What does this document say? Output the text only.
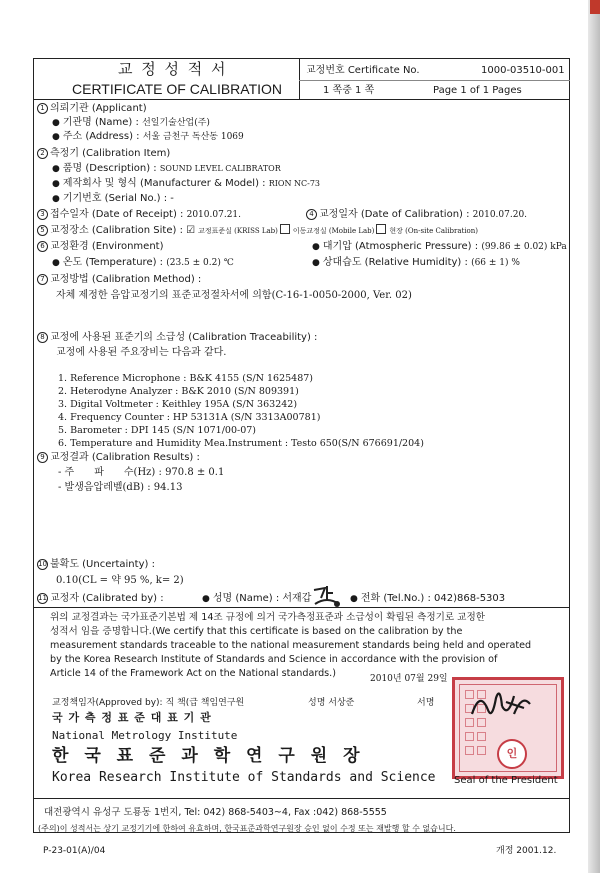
교 정 성 적 서
CERTIFICATE OF CALIBRATION
교정번호 Certificate No.	1000-03510-001
1 쪽중 1 쪽	Page 1 of 1 Pages
1 의뢰기관 (Applicant)
● 기관명 (Name) : 선일기술산업(주)
● 주소 (Address) : 서울 금천구 독산동 1069
2 측정기 (Calibration Item)
● 품명 (Description) : SOUND LEVEL CALIBRATOR
● 제작회사 및 형식 (Manufacturer & Model) : RION NC-73
● 기기번호 (Serial No.) : -
3 접수일자 (Date of Receipt) : 2010.07.21.	4 교정일자 (Date of Calibration) : 2010.07.20.
5 교정장소 (Calibration Site) : ☑ 교정표준실 (KRISS Lab) 이동교정실 (Mobile Lab) 현장 (On-site Calibration)
6 교정환경 (Environment)	● 대기압 (Atmospheric Pressure) : (99.86 ± 0.02) kPa
● 온도 (Temperature) : (23.5 ± 0.2) ℃	● 상대습도 (Relative Humidity) : (66 ± 1) %
7 교정방법 (Calibration Method) :
자체 제정한 음압교정기의 표준교정절차서에 의함(C-16-1-0050-2000, Ver. 02)
8 교정에 사용된 표준기의 소급성 (Calibration Traceability) :
교정에 사용된 주요장비는 다음과 같다.
1. Reference Microphone : B&K 4155 (S/N 1625487)
2. Heterodyne Analyzer : B&K 2010 (S/N 809391)
3. Digital Voltmeter : Keithley 195A (S/N 363242)
4. Frequency Counter : HP 53131A (S/N 3313A00781)
5. Barometer : DPI 145 (S/N 1071/00-07)
6. Temperature and Humidity Mea.Instrument : Testo 650(S/N 676691/204)
9 교정결과 (Calibration Results) :
- 주　　파　　수(Hz) : 970.8 ± 0.1
- 발생음압레벨(dB) : 94.13
10 불확도 (Uncertainty) :
0.10(CL = 약 95 %, k= 2)
11 교정자 (Calibrated by) :	● 성명 (Name) : 서재갑	● 전화 (Tel.No.) : 042)868-5303
위의 교정결과는 국가표준기본법 제 14조 규정에 의거 국가측정표준과 소급성이 확립된 측정기로 교정한
성적서 임을 증명합니다.(We certify that this certificate is based on the calibration by the
measurement standards traceable to the national measurement standards being held and operated
by the Korea Research Institute of Standards and Science in accordance with the provision of
Article 14 of the Framework Act on the National standards.)	2010년 07월 29일
교정책임자(Approved by): 직 책(급 책임연구원	성명 서상준	서명
국 가 측 정 표 준 대 표 기 관
National Metrology Institute
한 국 표 준 과 학 연 구 원 장
Korea Research Institute of Standards and Science
인
Seal of the President
대전광역시 유성구 도룡동 1번지, Tel: 042) 868-5403~4, Fax :042) 868-5555
(주의)이 성적서는 상기 교정기기에 한하여 유효하며, 한국표준과학연구원장 승인 없이 수정 또는 재발행 할 수 없습니다.
P-23-01(A)/04	개정 2001.12.
